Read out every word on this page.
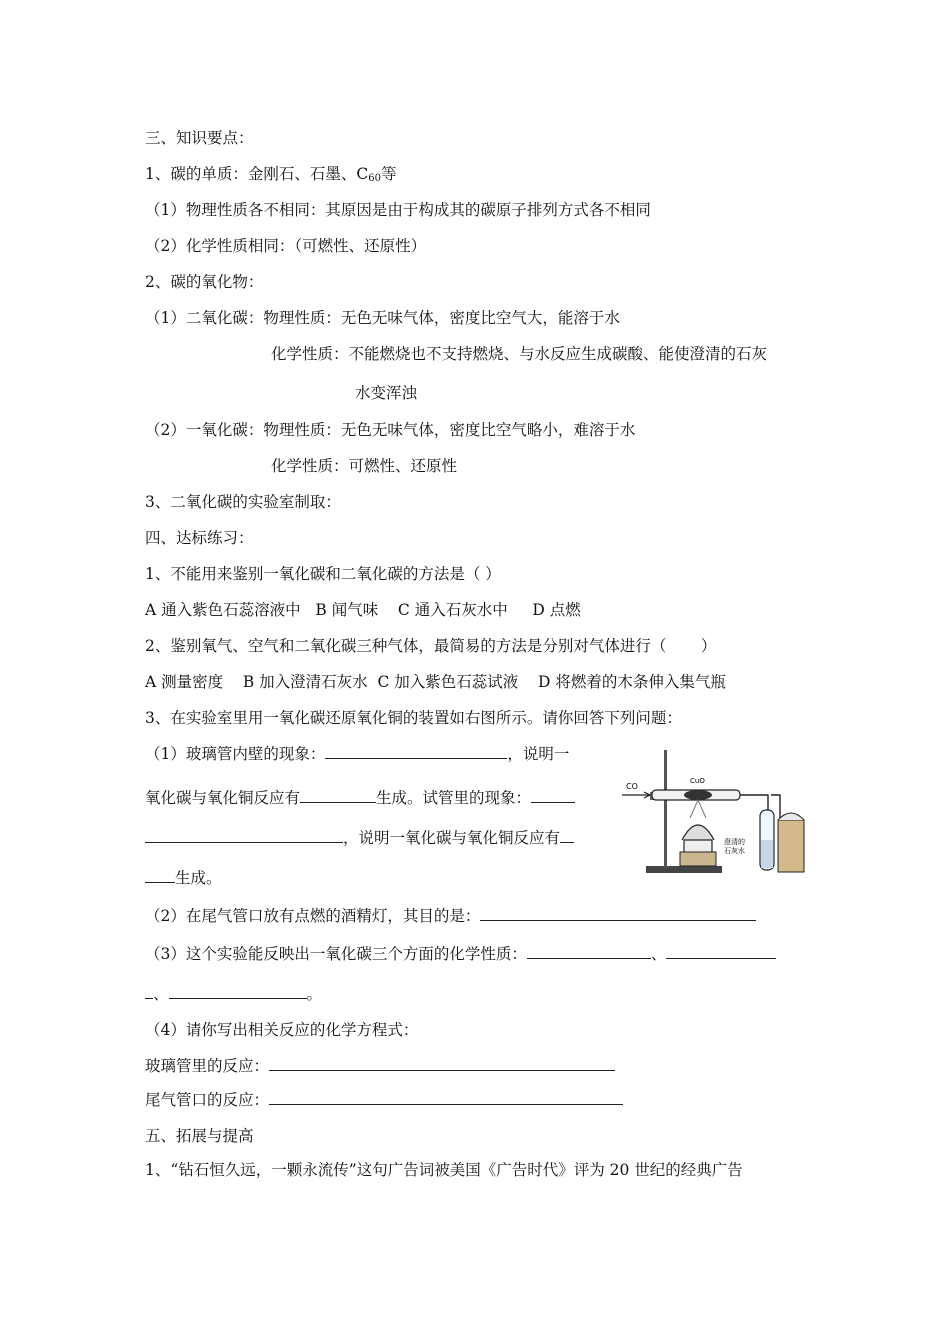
三、知识要点：
1、碳的单质：金刚石、石墨、$C_{60}$等
（1）物理性质各不相同：其原因是由于构成其的碳原子排列方式各不相同
（2）化学性质相同：（可燃性、还原性）
2、碳的氧化物：
（1）二氧化碳：物理性质：无色无味气体，密度比空气大，能溶于水
化学性质：不能燃烧也不支持燃烧、与水反应生成碳酸、能使澄清的石灰
水变浑浊
（2）一氧化碳：物理性质：无色无味气体，密度比空气略小，难溶于水
化学性质：可燃性、还原性
3、二氧化碳的实验室制取：
四、达标练习：
1、不能用来鉴别一氧化碳和二氧化碳的方法是（ ）
A 通入紫色石蕊溶液中   B 闻气味    C 通入石灰水中     D 点燃
2、鉴别氧气、空气和二氧化碳三种气体，最简易的方法是分别对气体进行（       ）
A 测量密度    B 加入澄清石灰水  C 加入紫色石蕊试液    D 将燃着的木条伸入集气瓶
3、在实验室里用一氧化碳还原氧化铜的装置如右图所示。请你回答下列问题：
（1）玻璃管内壁的现象：	，说明一
氧化碳与氧化铜反应有	生成。试管里的现象：
，说明一氧化碳与氧化铜反应有
生成。
CO
CuO
澄清的
石灰水
（2）在尾气管口放有点燃的酒精灯，其目的是：
（3）这个实验能反映出一氧化碳三个方面的化学性质：	、
、	。
（4）请你写出相关反应的化学方程式：
玻璃管里的反应：
尾气管口的反应：
五、拓展与提高
1、“钻石恒久远，一颗永流传”这句广告词被美国《广告时代》评为 20 世纪的经典广告
